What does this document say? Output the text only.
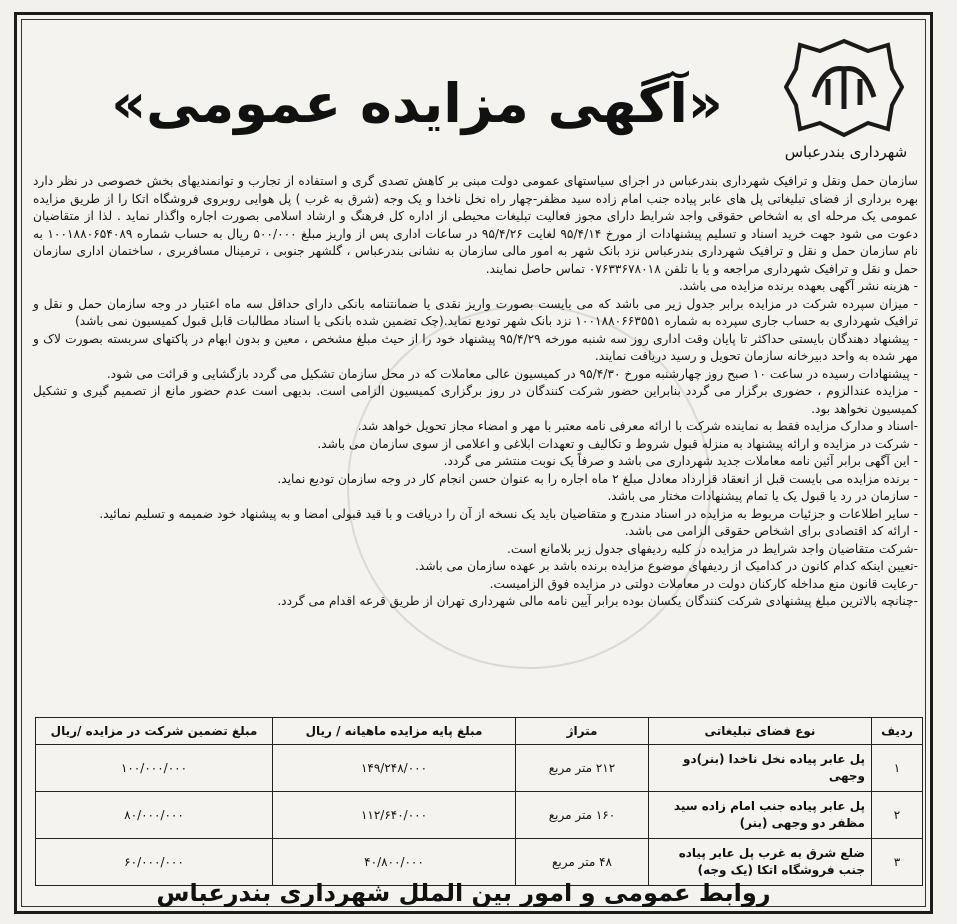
«آگهی مزایده عمومی»
شهرداری بندرعباس

سازمان حمل ونقل و ترافیک شهرداری بندرعباس در اجرای سیاستهای عمومی دولت مبنی بر کاهش تصدی گری و استفاده از تجارب و توانمندیهای بخش خصوصی در نظر دارد بهره برداری از فضای تبلیغاتی پل های عابر پیاده جنب امام زاده سید مظفر-چهار راه نخل ناخدا و یک وجه (شرق به غرب ) پل هوایی روبروی فروشگاه اتکا را از طریق مزایده عمومی یک مرحله ای به اشخاص حقوقی واجد شرایط دارای مجوز فعالیت تبلیغات محیطی از اداره کل فرهنگ و ارشاد اسلامی بصورت اجاره واگذار نماید . لذا از متقاضیان دعوت می شود جهت خرید اسناد و تسلیم پیشنهادات از مورخ ۹۵/۴/۱۴ لغایت ۹۵/۴/۲۶ در ساعات اداری پس از واریز مبلغ ۵۰۰/۰۰۰ ریال به حساب شماره ۱۰۰۱۸۸۰۶۵۴۰۸۹ به نام سازمان حمل و نقل و ترافیک شهرداری بندرعباس نزد بانک شهر به امور مالی سازمان به نشانی بندرعباس ، گلشهر جنوبی ، ترمینال مسافربری ، ساختمان اداری سازمان حمل و نقل و ترافیک شهرداری مراجعه و یا با تلفن ۰۷۶۳۳۶۷۸۰۱۸ تماس حاصل نمایند.

- هزینه نشر آگهی بعهده برنده مزایده می باشد.

- میزان سپرده شرکت در مزایده برابر جدول زیر می باشد که می بایست بصورت واریز نقدی یا ضمانتنامه بانکی دارای حداقل سه ماه اعتبار در وجه سازمان حمل و نقل و ترافیک شهرداری به حساب جاری سپرده به شماره ۱۰۰۱۸۸۰۶۶۳۵۵۱ نزد بانک شهر تودیع نماید.(چک تضمین شده بانکی یا اسناد مطالبات قابل قبول کمیسیون نمی باشد)

- پیشنهاد دهندگان بایستی حداکثر تا پایان وقت اداری روز سه شنبه مورخه ۹۵/۴/۲۹ پیشنهاد خود را از حیث مبلغ مشخص ، معین و بدون ابهام در پاکتهای سربسته بصورت لاک و مهر شده به واحد دبیرخانه سازمان تحویل و رسید دریافت نمایند.

- پیشنهادات رسیده در ساعت ۱۰ صبح روز چهارشنبه مورخ ۹۵/۴/۳۰ در کمیسیون عالی معاملات که در محل سازمان تشکیل می گردد بازگشایی و قرائت می شود.

- مزایده عندالزوم ، حضوری برگزار می گردد بنابراین حضور شرکت کنندگان در روز برگزاری کمیسیون الزامی است. بدیهی است عدم حضور مانع از تصمیم گیری و تشکیل کمیسیون نخواهد بود.

-اسناد و مدارک مزایده فقط به نماینده شرکت با ارائه معرفی نامه معتبر با مهر و امضاء مجاز تحویل خواهد شد.

- شرکت در مزایده و ارائه پیشنهاد به منزله قبول شروط و تکالیف و تعهدات ابلاغی و اعلامی از سوی سازمان می باشد.

- این آگهی برابر آئین نامه معاملات جدید شهرداری می باشد و صرفاً یک نوبت منتشر می گردد.

- برنده مزایده می بایست قبل از انعقاد قرارداد معادل مبلغ ۲ ماه اجاره را به عنوان حسن انجام کار در وجه سازمان تودیع نماید.

- سازمان در رد یا قبول یک یا تمام پیشنهادات مختار می باشد.

- سایر اطلاعات و جزئیات مربوط به مزایده در اسناد مندرج و متقاضیان باید یک نسخه از آن را دریافت و با قید قبولی امضا و به پیشنهاد خود ضمیمه و تسلیم نمائید.

- ارائه کد اقتصادی برای اشخاص حقوقی الزامی می باشد.

-شرکت متقاضیان واجد شرایط در مزایده در کلیه ردیفهای جدول زیر بلامانع است.

-تعیین اینکه کدام کانون در کدامیک از ردیفهای موضوع مزایده برنده باشد بر عهده سازمان می باشد.

-رعایت قانون منع مداخله کارکنان دولت در معاملات دولتی در مزایده فوق الزامیست.

-چنانچه بالاترین مبلغ پیشنهادی شرکت کنندگان یکسان بوده برابر آیین نامه مالی شهرداری تهران از طریق قرعه اقدام می گردد.

ردیف	نوع فضای تبلیغاتی	متراژ	مبلغ پایه مزایده ماهیانه / ریال	مبلغ تضمین شرکت در مزایده /ریال
۱	پل عابر پیاده نخل ناخدا (بنر)دو وجهی	۲۱۲ متر مربع	۱۴۹/۲۴۸/۰۰۰	۱۰۰/۰۰۰/۰۰۰
۲	پل عابر پیاده جنب امام زاده سید مظفر دو وجهی (بنر)	۱۶۰ متر مربع	۱۱۲/۶۴۰/۰۰۰	۸۰/۰۰۰/۰۰۰
۳	ضلع شرق به غرب پل عابر پیاده جنب فروشگاه اتکا (یک وجه)	۴۸ متر مربع	۴۰/۸۰۰/۰۰۰	۶۰/۰۰۰/۰۰۰
روابط عمومی و امور بین الملل شهرداری بندرعباس
